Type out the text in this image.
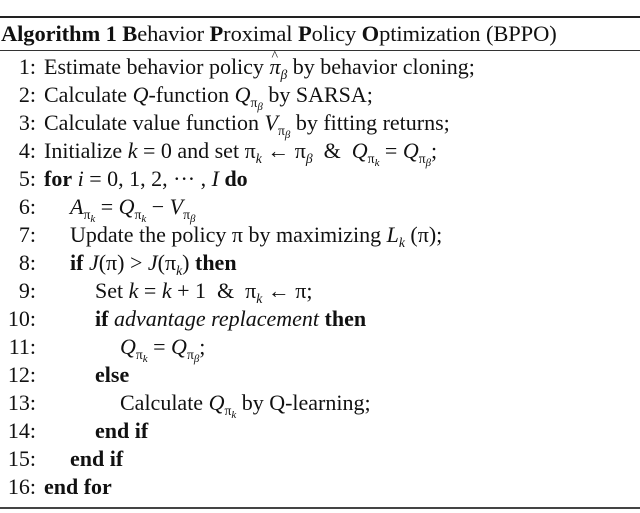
Algorithm 1 Behavior Proximal Policy Optimization (BPPO)
1: Estimate behavior policy ^ $\pi_\beta$ by behavior cloning;
2: Calculate Q-function $Q_{\pi_\beta}$ by SARSA;
3: Calculate value function $V_{\pi_\beta}$ by fitting returns;
4: Initialize k = 0 and set $\pi_k$ ← $\pi_\beta$  &  $Q_{\pi_k} = Q_{\pi_\beta}$;
5: for i = 0, 1, 2, ··· , I do
6: $A_{\pi_k} = Q_{\pi_k} - V_{\pi_\beta}$
7: Update the policy π by maximizing $L_k$ (π);
8: if $J(\pi) > J(\pi_k)$ then
9:	Set k = k + 1  &  $\pi_k$ ← π;
10:	if advantage replacement then
11:	$Q_{\pi_k} = Q_{\pi_\beta}$;
12:	else
13:	Calculate $Q_{\pi_k}$ by Q-learning;
14:	end if
15: end if
16: end for
